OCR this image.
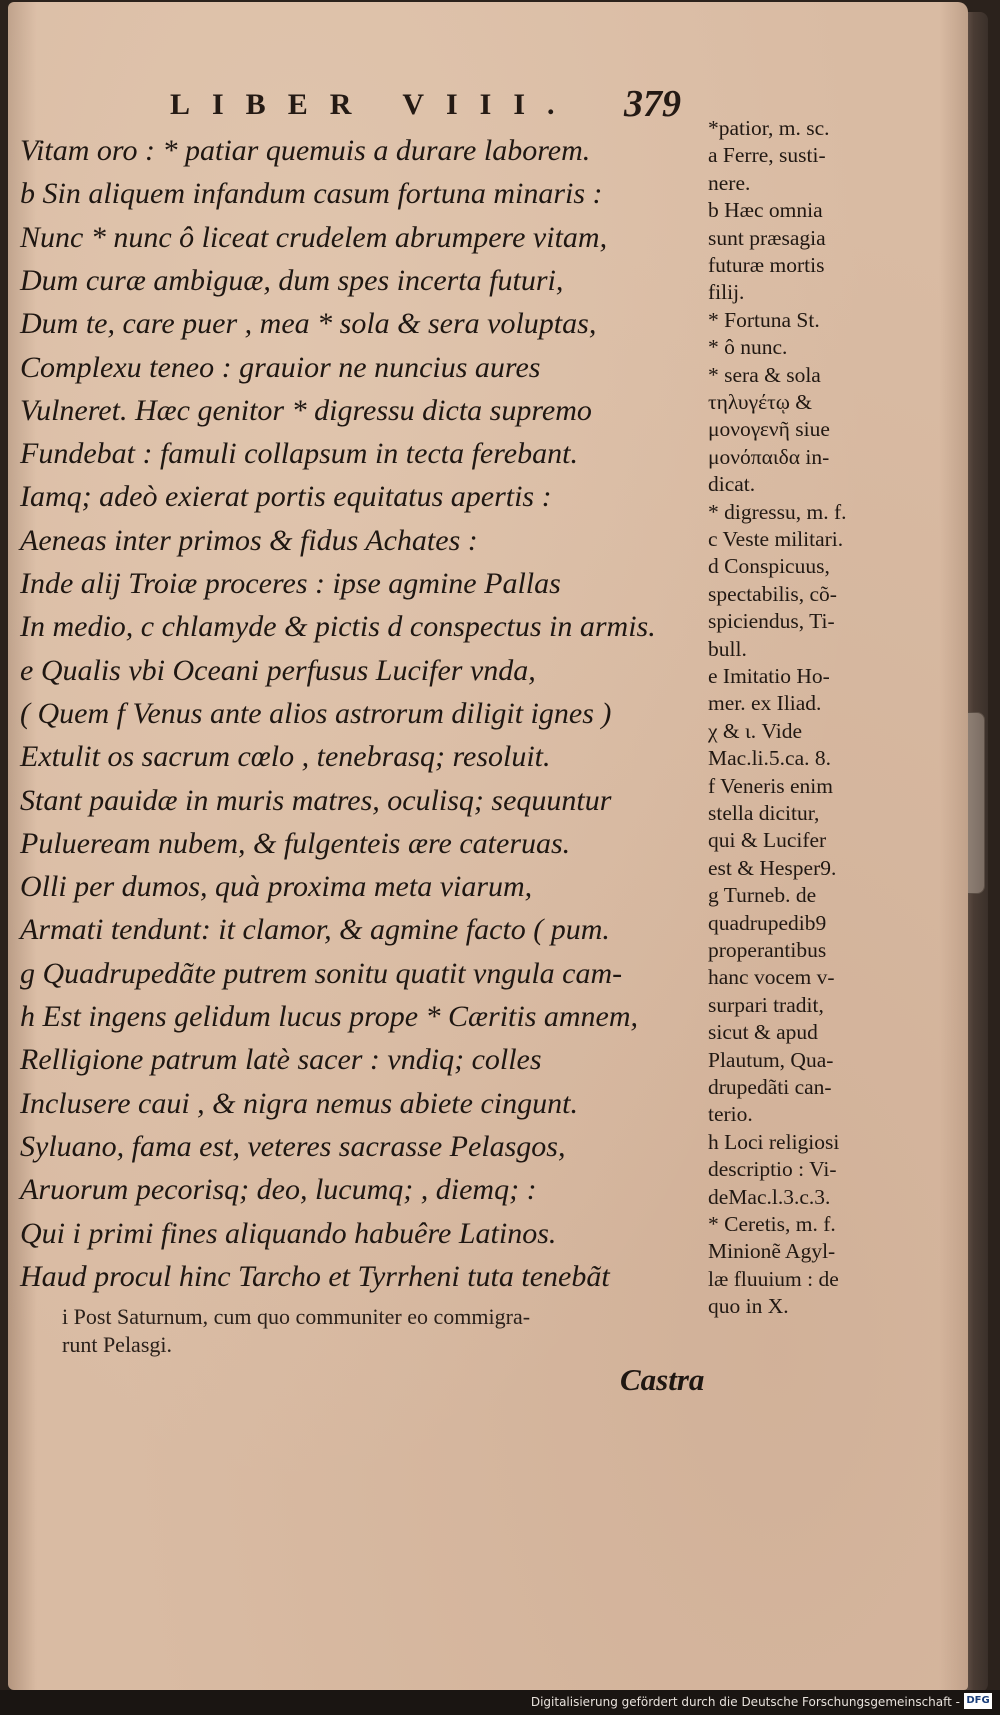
LIBER VIII. 379
Vitam oro : * patiar quemuis a durare laborem.
b Sin aliquem infandum casum fortuna minaris :
Nunc * nunc ô liceat crudelem abrumpere vitam,
Dum curæ ambiguæ, dum spes incerta futuri,
Dum te, care puer , mea * sola & sera voluptas,
Complexu teneo : grauior ne nuncius aures
Vulneret. Hæc genitor * digressu dicta supremo
Fundebat : famuli collapsum in tecta ferebant.
Iamq; adeò exierat portis equitatus apertis :
Aeneas inter primos & fidus Achates :
Inde alij Troiæ proceres : ipse agmine Pallas
In medio, c chlamyde & pictis d conspectus in armis.
e Qualis vbi Oceani perfusus Lucifer vnda,
( Quem f Venus ante alios astrorum diligit ignes )
Extulit os sacrum cœlo , tenebrasq; resoluit.
Stant pauidæ in muris matres, oculisq; sequuntur
Pulueream nubem, & fulgenteis ære cateruas.
Olli per dumos, quà proxima meta viarum,
Armati tendunt: it clamor, & agmine facto ( pum.
g Quadrupedãte putrem sonitu quatit vngula cam-
h Est ingens gelidum lucus prope * Cæritis amnem,
Relligione patrum latè sacer : vndiq; colles
Inclusere caui , & nigra nemus abiete cingunt.
Syluano, fama est, veteres sacrasse Pelasgos,
Aruorum pecorisq; deo, lucumq; , diemq; :
Qui i primi fines aliquando habuêre Latinos.
Haud procul hinc Tarcho et Tyrrheni tuta tenebãt
*patior, m. sc.
a Ferre, susti-
nere.
b Hæc omnia
sunt præsagia
futuræ mortis
filij.
* Fortuna St.
* ô nunc.
* sera & sola
τηλυγέτῳ &
μονογενῆ siue
μονόπαιδα in-
dicat.
* digressu, m. f.
c Veste militari.
d Conspicuus,
spectabilis, cõ-
spiciendus, Ti-
bull.
e Imitatio Ho-
mer. ex Iliad.
χ & ι. Vide
Mac.li.5.ca. 8.
f Veneris enim
stella dicitur,
qui & Lucifer
est & Hesper9.
g Turneb. de
quadrupedib9
properantibus
hanc vocem v-
surpari tradit,
sicut & apud
Plautum, Qua-
drupedãti can-
terio.
h Loci religiosi
descriptio : Vi-
deMac.l.3.c.3.
* Ceretis, m. f.
Minionẽ Agyl-
læ fluuium : de
quo in X.
i Post Saturnum, cum quo communiter eo commigra-
runt Pelasgi.
Castra
Digitalisierung gefördert durch die Deutsche Forschungsgemeinschaft - DFG
